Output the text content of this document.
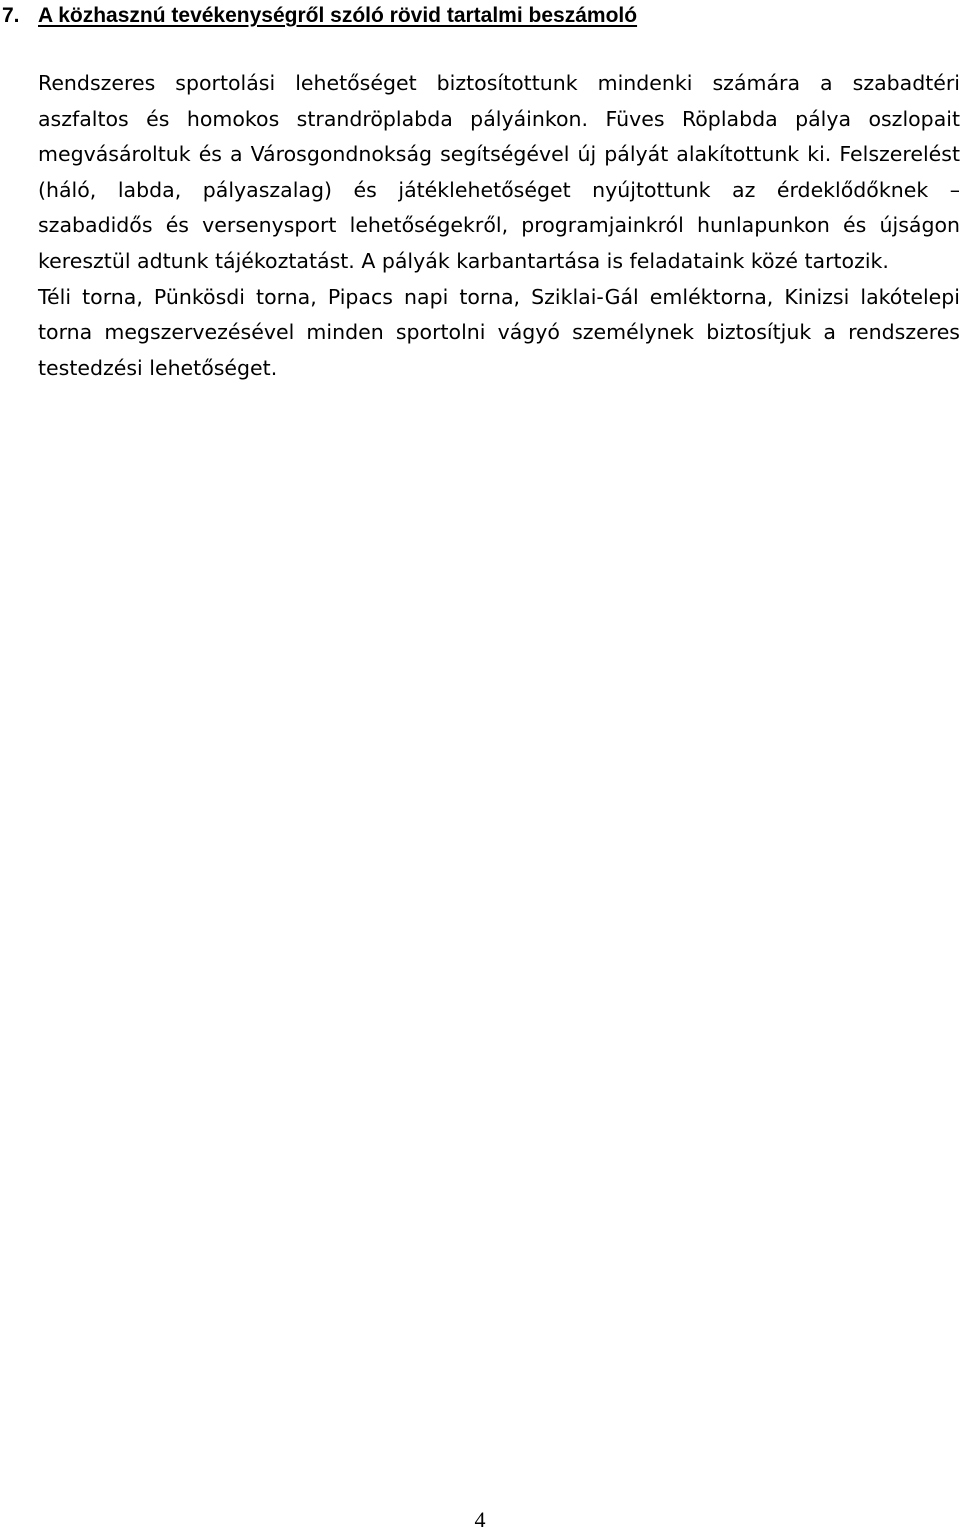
7. A közhasznú tevékenységről szóló rövid tartalmi beszámoló

Rendszeres sportolási lehetőséget biztosítottunk mindenki számára a szabadtéri aszfaltos és homokos strandröplabda pályáinkon. Füves Röplabda pálya oszlopait megvásároltuk és a Városgondnokság segítségével új pályát alakítottunk ki. Felszerelést (háló, labda, pályaszalag) és játéklehetőséget nyújtottunk az érdeklődőknek – szabadidős és versenysport lehetőségekről, programjainkról hunlapunkon és újságon keresztül adtunk tájékoztatást. A pályák karbantartása is feladataink közé tartozik.

Téli torna, Pünkösdi torna, Pipacs napi torna, Sziklai-Gál emléktorna, Kinizsi lakótelepi torna megszervezésével minden sportolni vágyó személynek biztosítjuk a rendszeres testedzési lehetőséget.

4
